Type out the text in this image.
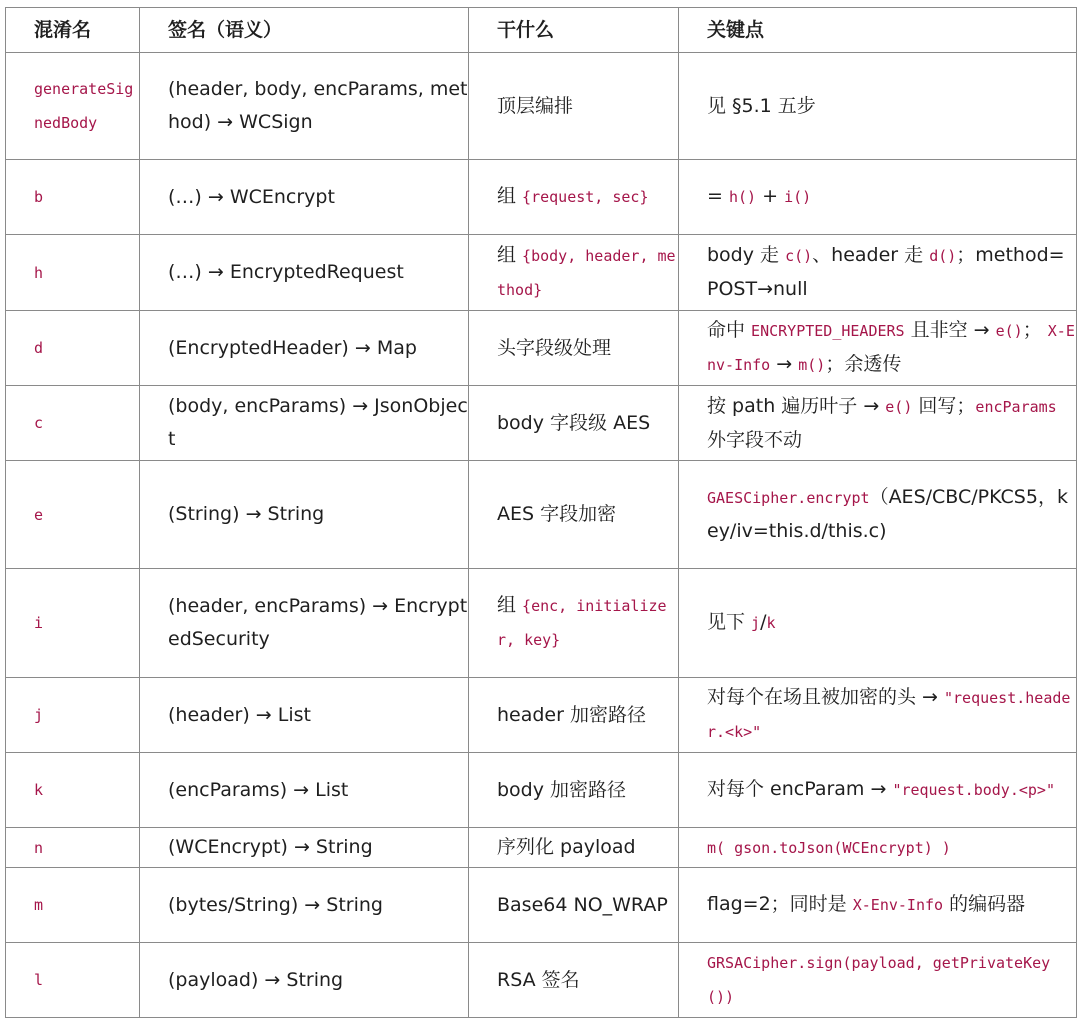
混淆名	签名（语义）	干什么	关键点
generateSignedBody	(header, body, encParams, method) → WCSign	顶层编排	见 §5.1 五步
b	(…) → WCEncrypt	组 {request, sec}	= h() + i()
h	(…) → EncryptedRequest	组 {body, header, method}	body 走 c()、header 走 d()；method=POST→null
d	(EncryptedHeader) → Map	头字段级处理	命中 ENCRYPTED_HEADERS 且非空 → e()； X-Env-Info → m()；余透传
c	(body, encParams) → JsonObject	body 字段级 AES	按 path 遍历叶子 → e() 回写；encParams 外字段不动
e	(String) → String	AES 字段加密	GAESCipher.encrypt（AES/CBC/PKCS5，key/iv=this.d/this.c)
i	(header, encParams) → EncryptedSecurity	组 {enc, initializer, key}	见下 j/k
j	(header) → List	header 加密路径	对每个在场且被加密的头 → "request.header.<k>"
k	(encParams) → List	body 加密路径	对每个 encParam → "request.body.<p>"
n	(WCEncrypt) → String	序列化 payload	m( gson.toJson(WCEncrypt) )
m	(bytes/String) → String	Base64 NO_WRAP	flag=2；同时是 X-Env-Info 的编码器
l	(payload) → String	RSA 签名	GRSACipher.sign(payload, getPrivateKey())
